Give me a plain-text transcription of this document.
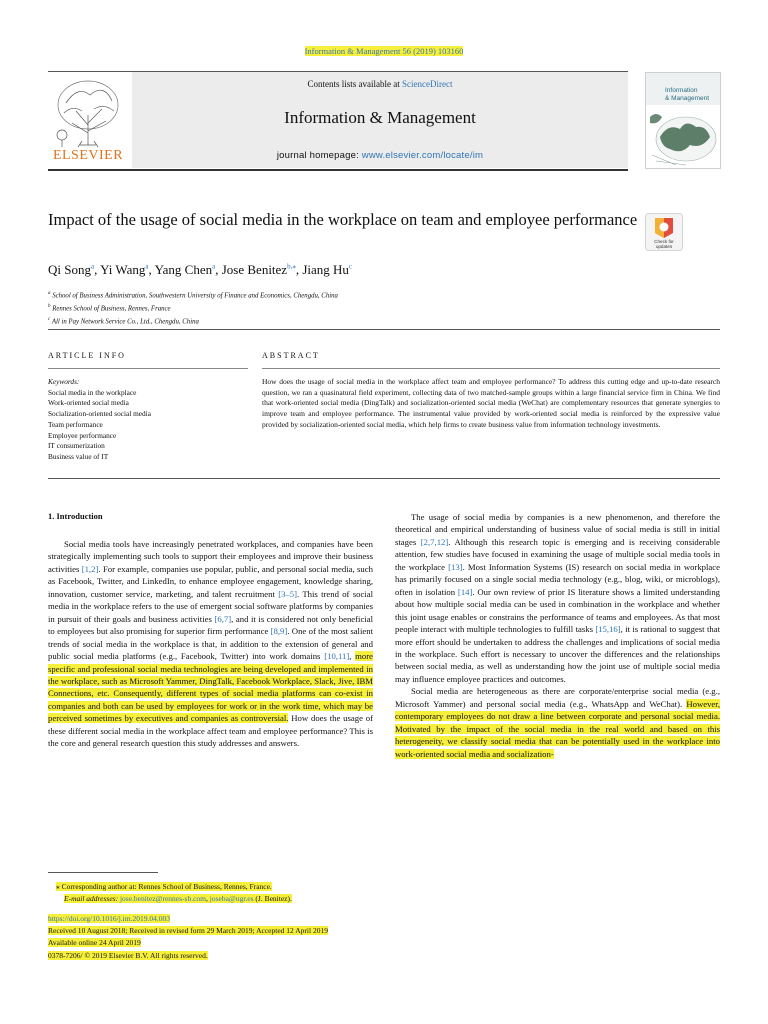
Information & Management 56 (2019) 103160
Contents lists available at ScienceDirect
Information & Management
journal homepage: www.elsevier.com/locate/im
ELSEVIER
Information
& Management
Impact of the usage of social media in the workplace on team and employee performance
Check for
updates
Qi Song$^a$, Yi Wang$^a$, Yang Chen$^a$, Jose Benitez$^{b,⁎}$, Jiang Hu$^c$
$^a$ School of Business Administration, Southwestern University of Finance and Economics, Chengdu, China
$^b$ Rennes School of Business, Rennes, France
$^c$ All in Pay Network Service Co., Ltd., Chengdu, China
ARTICLE INFO	ABSTRACT
Keywords:
Social media in the workplace
Work-oriented social media
Socialization-oriented social media
Team performance
Employee performance
IT consumerization
Business value of IT
How does the usage of social media in the workplace affect team and employee performance? To address this cutting edge and up-to-date research question, we ran a quasinatural field experiment, collecting data of two matched-sample groups within a large financial service firm in China. We find that work-oriented social media (DingTalk) and socialization-oriented social media (WeChat) are complementary resources that generate synergies to improve team and employee performance. The instrumental value provided by work-oriented social media is reinforced by the expressive value provided by socialization-oriented social media, which help firms to create business value from information technology investments.
1. Introduction

Social media tools have increasingly penetrated workplaces, and companies have been strategically implementing such tools to support their employees and improve their business activities [1,2]. For example, companies use popular, public, and personal social media, such as Facebook, Twitter, and LinkedIn, to enhance employee engagement, knowledge sharing, innovation, customer service, marketing, and talent recruitment [3–5]. This trend of social media in the workplace refers to the use of emergent social software platforms by companies in pursuit of their goals and business activities [6,7], and it is considered not only beneficial to employees but also promising for superior firm performance [8,9]. One of the most salient trends of social media in the workplace is that, in addition to the extension of general and public social media platforms (e.g., Facebook, Twitter) into work domains [10,11], more specific and professional social media technologies are being developed and implemented in the workplace, such as Microsoft Yammer, DingTalk, Facebook Workplace, Slack, Jive, IBM Connections, etc. Consequently, different types of social media platforms can co-exist in companies and both can be used by employees for work or in the work time, which may be perceived sometimes by executives and companies as controversial. How does the usage of these different social media in the workplace affect team and employee performance? This is the core and general research question this study addresses and answers.

The usage of social media by companies is a new phenomenon, and therefore the theoretical and empirical understanding of business value of social media is still in initial stages [2,7,12]. Although this research topic is emerging and is receiving considerable attention, few studies have focused in examining the usage of multiple social media tools in the workplace [13]. Most Information Systems (IS) research on social media in workplace has primarily focused on a single social media technology (e.g., blog, wiki, or microblogs), often in isolation [14]. Our own review of prior IS literature shows a limited understanding about how multiple social media can be used in combination in the workplace and whether this joint usage enables or constrains the performance of teams and employees. As that most people interact with multiple technologies to fulfill tasks [15,16], it is rational to suggest that more effort should be undertaken to address the challenges and implications of social media in the workplace. Such effort is necessary to uncover the differences and the relationships between social media, as well as understanding how the joint use of multiple social media may influence employee practices and outcomes.

Social media are heterogeneous as there are corporate/enterprise social media (e.g., Microsoft Yammer) and personal social media (e.g., WhatsApp and WeChat). However, contemporary employees do not draw a line between corporate and personal social media. Motivated by the impact of the social media in the real world and based on this heterogeneity, we classify social media that can be potentially used in the workplace into work-oriented social media and socialization-

⁎ Corresponding author at: Rennes School of Business, Rennes, France.
E-mail addresses: jose.benitez@rennes-sb.com, joseba@ugr.es (J. Benitez).
https://doi.org/10.1016/j.im.2019.04.003
Received 10 August 2018; Received in revised form 29 March 2019; Accepted 12 April 2019
Available online 24 April 2019
0378-7206/ © 2019 Elsevier B.V. All rights reserved.
